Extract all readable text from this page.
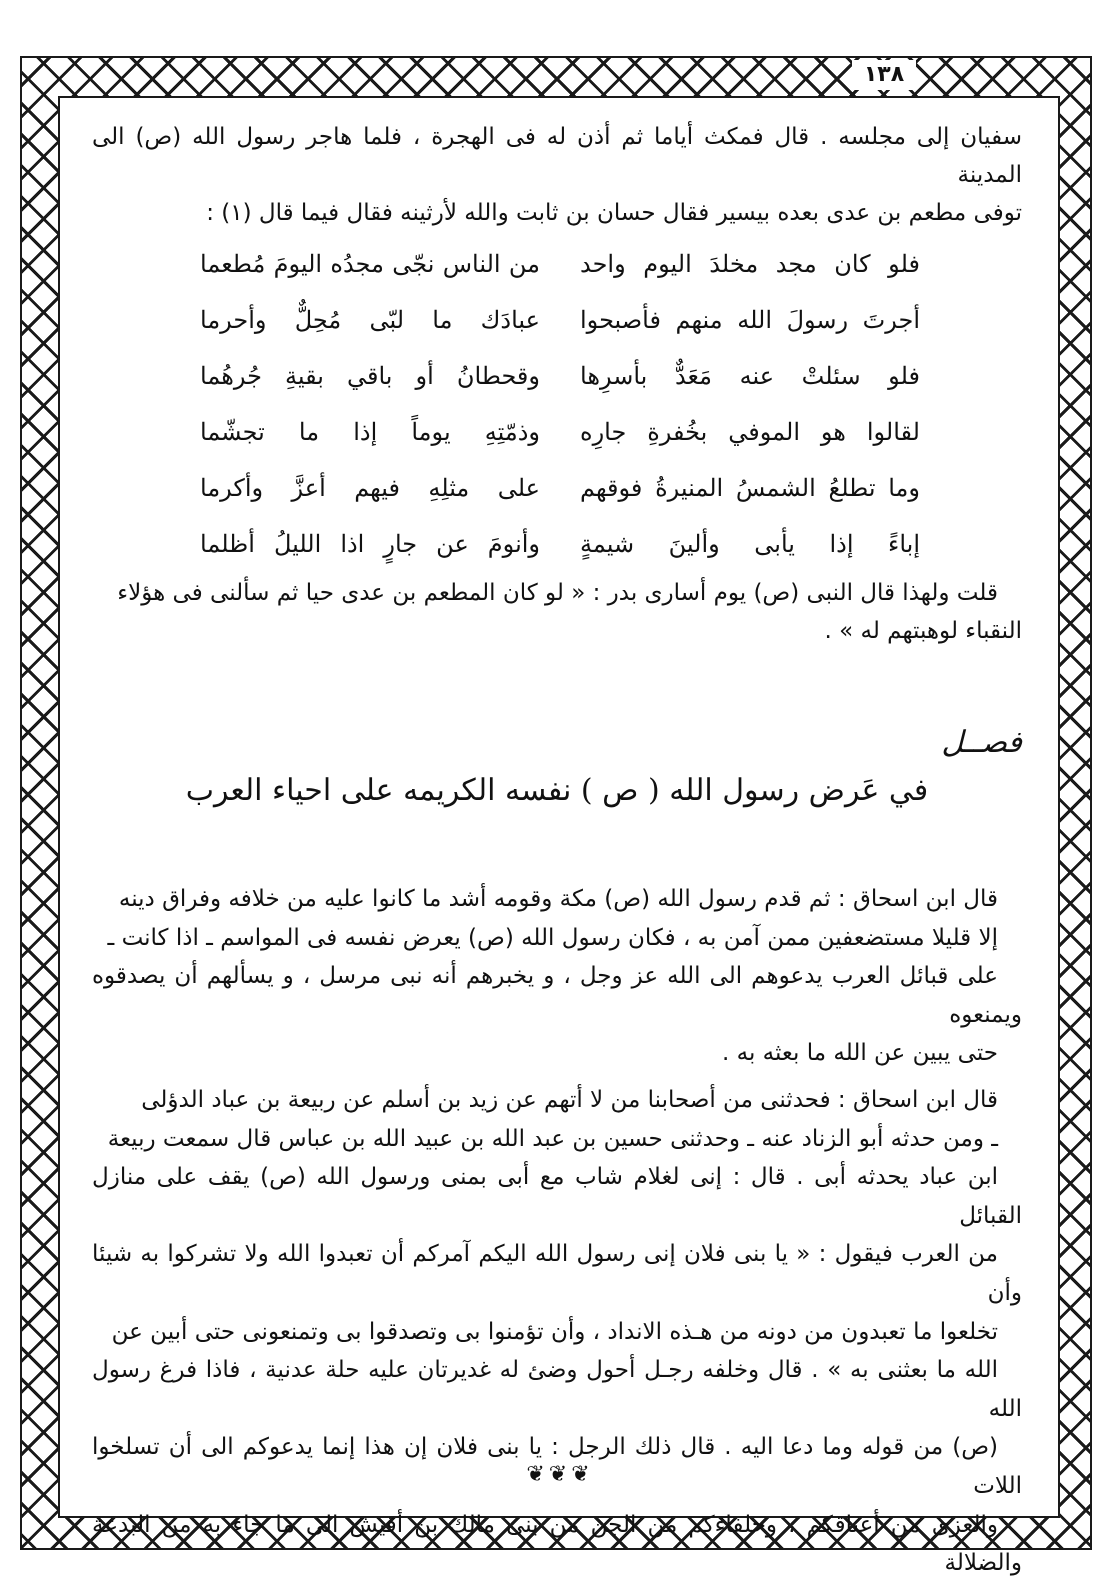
١٣٨

سفيان إلى مجلسه . قال فمكث أياما ثم أذن له فى الهجرة ، فلما هاجر رسول الله (ص) الى المدينة

توفى مطعم بن عدى بعده بيسير فقال حسان بن ثابت والله لأرثينه فقال فيما قال (١) :

فلو كان مجد مخلدَ اليوم واحد
من الناس نجّى مجدُه اليومَ مُطعما
أجرتَ رسولَ الله منهم فأصبحوا
عبادَك ما لبّى مُحِلٌّ وأحرما
فلو سئلتْ عنه مَعَدٌّ بأسرِها
وقحطانُ أو باقي بقيةِ جُرهُما
لقالوا هو الموفي بخُفرةِ جارِه
وذمّتِهِ يوماً إذا ما تجشّما
وما تطلعُ الشمسُ المنيرةُ فوقهم
على مثلِهِ فيهم أعزَّ وأكرما
إباءً إذا يأبى وألينَ شيمةٍ
وأنومَ عن جارٍ اذا الليلُ أظلما

قلت ولهذا قال النبى (ص) يوم أسارى بدر : « لو كان المطعم بن عدى حيا ثم سألنى فى هؤلاء

النقباء لوهبتهم له » .

فصــل
في عَرض رسول الله ( ص ) نفسه الكريمه على احياء العرب

قال ابن اسحاق : ثم قدم رسول الله (ص) مكة وقومه أشد ما كانوا عليه من خلافه وفراق دينه
إلا قليلا مستضعفين ممن آمن به ، فكان رسول الله (ص) يعرض نفسه فى المواسم ـ اذا كانت ـ
على قبائل العرب يدعوهم الى الله عز وجل ، و يخبرهم أنه نبى مرسل ، و يسألهم أن يصدقوه ويمنعوه
حتى يبين عن الله ما بعثه به .

قال ابن اسحاق : فحدثنى من أصحابنا من لا أتهم عن زيد بن أسلم عن ربيعة بن عباد الدؤلى
ـ ومن حدثه أبو الزناد عنه ـ وحدثنى حسين بن عبد الله بن عبيد الله بن عباس قال سمعت ربيعة
ابن عباد يحدثه أبى . قال : إنى لغلام شاب مع أبى بمنى ورسول الله (ص) يقف على منازل القبائل
من العرب فيقول : « يا بنى فلان إنى رسول الله اليكم آمركم أن تعبدوا الله ولا تشركوا به شيئا وأن
تخلعوا ما تعبدون من دونه من هـذه الانداد ، وأن تؤمنوا بى وتصدقوا بى وتمنعونى حتى أبين عن
الله ما بعثنى به » . قال وخلفه رجـل أحول وضئ له غديرتان عليه حلة عدنية ، فاذا فرغ رسول الله
(ص) من قوله وما دعا اليه . قال ذلك الرجل : يا بنى فلان إن هذا إنما يدعوكم الى أن تسلخوا اللات
والعزى من أعناقكم ، وحلفاءكم من الجن من بنى مالك بن أقيش الى ما جاء به من البدعة والضلالة

❦❦❦
